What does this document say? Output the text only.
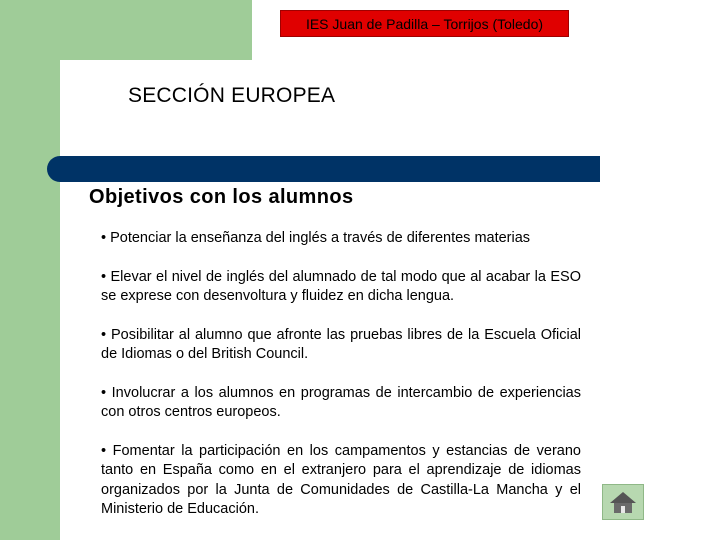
IES Juan de Padilla – Torrijos (Toledo)
SECCIÓN EUROPEA
Objetivos con los alumnos
• Potenciar la enseñanza del inglés a través de diferentes materias
• Elevar el nivel de inglés del alumnado de tal modo que al acabar la ESO se exprese con desenvoltura y fluidez en dicha lengua.
• Posibilitar al alumno que afronte las pruebas libres de la Escuela Oficial de Idiomas o del British Council.
• Involucrar a los alumnos en programas de intercambio de experiencias con otros centros europeos.
• Fomentar la participación en los campamentos y estancias de verano tanto en España como en el extranjero para el aprendizaje de idiomas organizados por la Junta de Comunidades de Castilla-La Mancha y el Ministerio de Educación.
